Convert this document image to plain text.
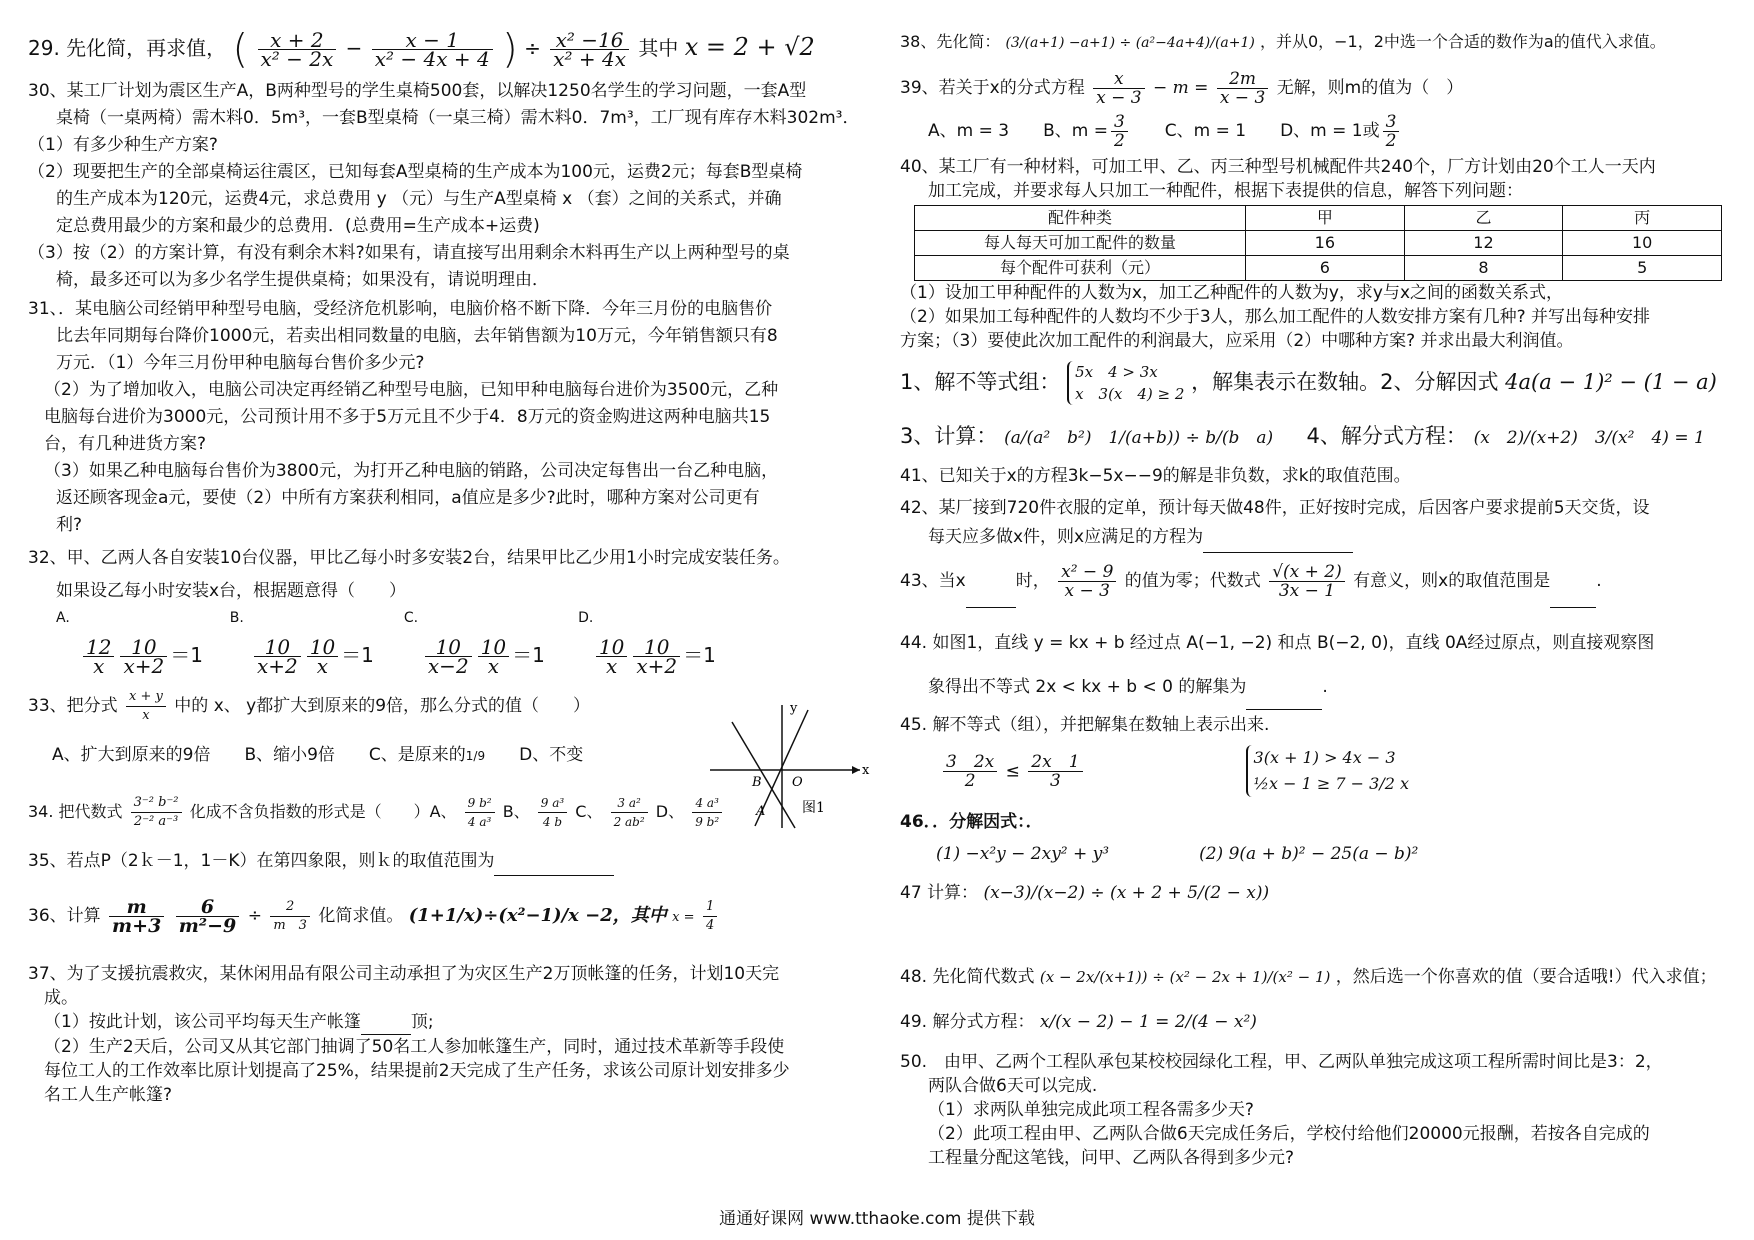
29. 先化简，再求值， ( $\frac{x + 2}{\text{x² − 2x}} - \frac{x - 1}{\text{x² − 4x + 4}}$ ) ÷ $\frac{\text{x² −16}}{\text{x² + 4x}}$ 其中 x = 2 + √2
30、某工厂计划为震区生产A，B两种型号的学生桌椅500套，以解决1250名学生的学习问题，一套A型
桌椅（一桌两椅）需木料0．5m³，一套B型桌椅（一桌三椅）需木料0．7m³，工厂现有库存木料302m³．
（1）有多少种生产方案?
（2）现要把生产的全部桌椅运往震区，已知每套A型桌椅的生产成本为100元，运费2元；每套B型桌椅
的生产成本为120元，运费4元，求总费用 y （元）与生产A型桌椅 x （套）之间的关系式，并确
定总费用最少的方案和最少的总费用．(总费用=生产成本+运费)
（3）按（2）的方案计算，有没有剩余木料?如果有，请直接写出用剩余木料再生产以上两种型号的桌
椅，最多还可以为多少名学生提供桌椅；如果没有，请说明理由．
31、．某电脑公司经销甲种型号电脑，受经济危机影响，电脑价格不断下降．今年三月份的电脑售价
比去年同期每台降价1000元，若卖出相同数量的电脑，去年销售额为10万元，今年销售额只有8
万元．（1）今年三月份甲种电脑每台售价多少元?
（2）为了增加收入，电脑公司决定再经销乙种型号电脑，已知甲种电脑每台进价为3500元，乙种
电脑每台进价为3000元，公司预计用不多于5万元且不少于4．8万元的资金购进这两种电脑共15
台，有几种进货方案?
（3）如果乙种电脑每台售价为3800元，为打开乙种电脑的销路，公司决定每售出一台乙种电脑，
返还顾客现金a元，要使（2）中所有方案获利相同，a值应是多少?此时，哪种方案对公司更有
利?
32、甲、乙两人各自安装10台仪器，甲比乙每小时多安装2台，结果甲比乙少用1小时完成安装任务。
如果设乙每小时安装x台，根据题意得（　　）
A.	B.	C.	D.
$\frac{12}{x} \frac{10}{x+2} =1$	$\frac{10}{x+2} \frac{10}{x} =1$	$\frac{10}{x-2} \frac{10}{x} =1$	$\frac{10}{x} \frac{10}{x+2} =1$
33、把分式 $\frac{x + y}{x}$ 中的 x、 y都扩大到原来的9倍，那么分式的值（　　）
A、扩大到原来的9倍　　B、缩小9倍　　C、是原来的1/9　　D、不变
34. 把代数式 $\frac{\text{3⁻² b⁻²}}{\text{2⁻² a⁻³}}$ 化成不含负指数的形式是（　　）A、 $\frac{\text{9 b²}}{\text{4 a³}}$ B、 $\frac{\text{9 a³}}{4 b}$ C、 $\frac{\text{3 a²}}{\text{2 ab²}}$ D、 $\frac{\text{4 a³}}{\text{9 b²}}$
35、若点P（2ｋ－1，1－K）在第四象限，则ｋ的取值范围为
36、计算 $\frac{m}{m+3}$
$\frac{6}{\text{m²−9}} \div \frac{2}{m 3}$ 化简求值。 (1+1/x)÷(x²−1)/x −2，其中 $x = \frac{1}{4}$
37、为了支援抗震救灾，某休闲用品有限公司主动承担了为灾区生产2万顶帐篷的任务，计划10天完
成。
（1）按此计划，该公司平均每天生产帐篷	顶;
（2）生产2天后，公司又从其它部门抽调了50名工人参加帐篷生产，同时，通过技术革新等手段使
每位工人的工作效率比原计划提高了25%，结果提前2天完成了生产任务，求该公司原计划安排多少
名工人生产帐篷?
y
x
O
B
A	图1
38、先化简： (3/(a+1) −a+1) ÷ (a²−4a+4)/(a+1) ，并从0，−1，2中选一个合适的数作为a的值代入求值。
39、若关于x的分式方程 $\frac{x}{x - 3} - m = \frac{2m}{x - 3}$ 无解，则m的值为（　）
A、m = 3 B、$m = \frac{3}{2}$ C、m = 1 D、m = 1或 $\frac{3}{2}$
40、某工厂有一种材料，可加工甲、乙、丙三种型号机械配件共240个，厂方计划由20个工人一天内
加工完成，并要求每人只加工一种配件，根据下表提供的信息，解答下列问题：
配件种类	甲	乙	丙
每人每天可加工配件的数量	16	12	10
每个配件可获利（元）	6	8	5
（1）设加工甲种配件的人数为x，加工乙种配件的人数为y，求y与x之间的函数关系式，
（2）如果加工每种配件的人数均不少于3人，那么加工配件的人数安排方案有几种? 并写出每种安排
方案；（3）要使此次加工配件的利润最大，应采用（2）中哪种方案? 并求出最大利润值。
1、解不等式组： 5x　4 > 3x
x　3(x　4) ≥ 2 ，解集表示在数轴。2、分解因式 4a(a − 1)² − (1 − a)
3、计算： (a/(a²　b²)　1/(a+b)) ÷ b/(b　a) 4、解分式方程： (x　2)/(x+2)　3/(x²　4) = 1
41、已知关于x的方程3k−5x−−9的解是非负数，求k的取值范围。
42、某厂接到720件衣服的定单，预计每天做48件，正好按时完成，后因客户要求提前5天交货，设
每天应多做x件，则x应满足的方程为
43、当x	时， $\frac{\text{x² − 9}}{x - 3}$ 的值为零；代数式 $\frac{√(x + 2)}{3x - 1}$ 有意义，则x的取值范围是	.
44. 如图1，直线 y = kx + b 经过点 A(−1, −2) 和点 B(−2, 0)，直线 0A经过原点，则直接观察图
象得出不等式 2x < kx + b < 0 的解集为	.
45. 解不等式（组），并把解集在数轴上表示出来.
$\frac{3 2x}{2} \le \frac{2x 1}{3}$	3(x + 1) > 4x − 3
½x − 1 ≥ 7 − 3/2 x
46．．分解因式：．
(1) −x²y − 2xy² + y³	(2) 9(a + b)² − 25(a − b)²
47 计算： (x−3)/(x−2) ÷ (x + 2 + 5/(2 − x))
48. 先化简代数式 (x − 2x/(x+1)) ÷ (x² − 2x + 1)/(x² − 1) ，然后选一个你喜欢的值（要合适哦!）代入求值；
49. 解分式方程： x/(x − 2) − 1 = 2/(4 − x²)
50.　由甲、乙两个工程队承包某校校园绿化工程，甲、乙两队单独完成这项工程所需时间比是3：2，
两队合做6天可以完成.
（1）求两队单独完成此项工程各需多少天?
（2）此项工程由甲、乙两队合做6天完成任务后，学校付给他们20000元报酬，若按各自完成的
工程量分配这笔钱，问甲、乙两队各得到多少元?
通通好课网 www.tthaoke.com 提供下载
